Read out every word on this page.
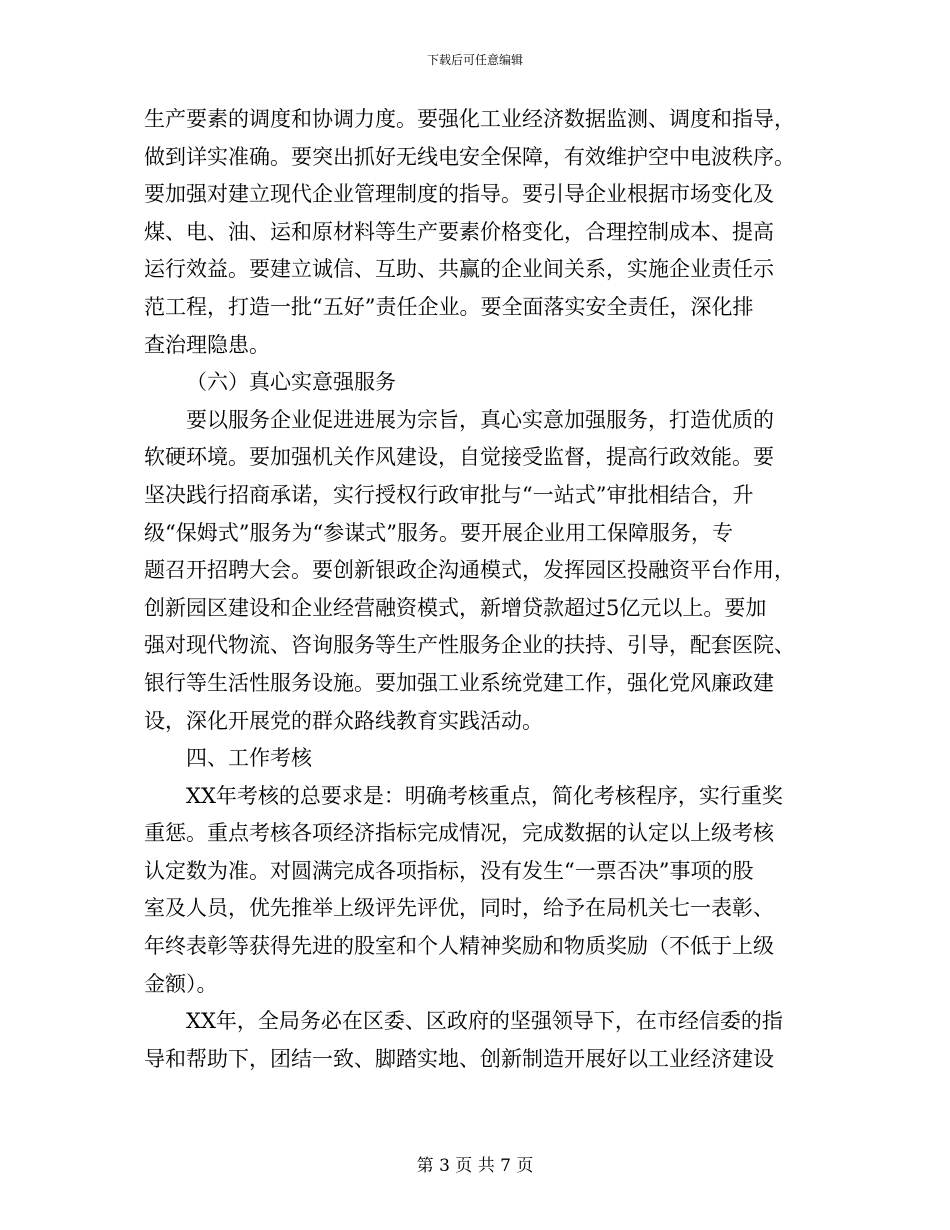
下载后可任意编辑
生产要素的调度和协调力度。要强化工业经济数据监测、调度和指导，
做到详实准确。要突出抓好无线电安全保障，有效维护空中电波秩序。
要加强对建立现代企业管理制度的指导。要引导企业根据市场变化及
煤、电、油、运和原材料等生产要素价格变化，合理控制成本、提高
运行效益。要建立诚信、互助、共赢的企业间关系，实施企业责任示
范工程，打造一批“五好”责任企业。要全面落实安全责任，深化排
查治理隐患。
（六）真心实意强服务
要以服务企业促进进展为宗旨，真心实意加强服务，打造优质的
软硬环境。要加强机关作风建设，自觉接受监督，提高行政效能。要
坚决践行招商承诺，实行授权行政审批与“一站式”审批相结合，升
级“保姆式”服务为“参谋式”服务。要开展企业用工保障服务，专
题召开招聘大会。要创新银政企沟通模式，发挥园区投融资平台作用，
创新园区建设和企业经营融资模式，新增贷款超过5亿元以上。要加
强对现代物流、咨询服务等生产性服务企业的扶持、引导，配套医院、
银行等生活性服务设施。要加强工业系统党建工作，强化党风廉政建
设，深化开展党的群众路线教育实践活动。
四、工作考核
XX年考核的总要求是：明确考核重点，简化考核程序，实行重奖
重惩。重点考核各项经济指标完成情况，完成数据的认定以上级考核
认定数为准。对圆满完成各项指标，没有发生“一票否决”事项的股
室及人员，优先推举上级评先评优，同时，给予在局机关七一表彰、
年终表彰等获得先进的股室和个人精神奖励和物质奖励（不低于上级
金额）。
XX年，全局务必在区委、区政府的坚强领导下，在市经信委的指
导和帮助下，团结一致、脚踏实地、创新制造开展好以工业经济建设
第 3 页 共 7 页
